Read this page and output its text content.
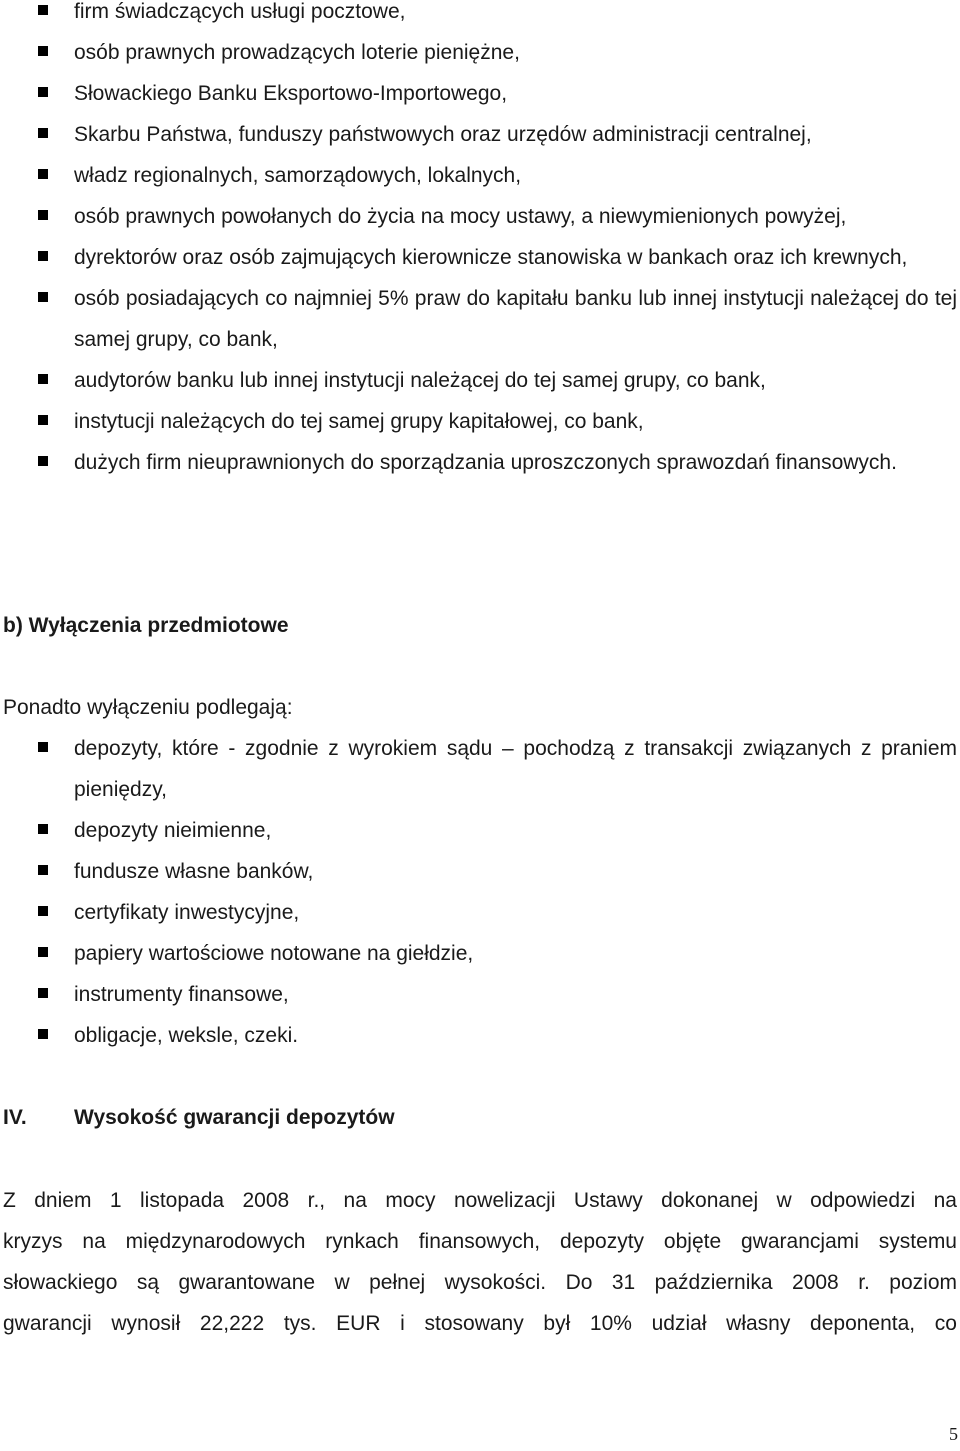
firm świadczących usługi pocztowe,
osób prawnych prowadzących loterie pieniężne,
Słowackiego Banku Eksportowo-Importowego,
Skarbu Państwa, funduszy państwowych oraz urzędów administracji centralnej,
władz regionalnych, samorządowych, lokalnych,
osób prawnych powołanych do życia na mocy ustawy, a niewymienionych powyżej,
dyrektorów oraz osób zajmujących kierownicze stanowiska w bankach oraz ich krewnych,
osób posiadających co najmniej 5% praw do kapitału banku lub innej instytucji należącej do tej samej grupy, co bank,
audytorów banku lub innej instytucji należącej do tej samej grupy, co bank,
instytucji należących do tej samej grupy kapitałowej, co bank,
dużych firm nieuprawnionych do sporządzania uproszczonych sprawozdań finansowych.
b) Wyłączenia przedmiotowe
Ponadto wyłączeniu podlegają:
depozyty, które - zgodnie z wyrokiem sądu – pochodzą z transakcji związanych z praniem pieniędzy,
depozyty nieimienne,
fundusze własne banków,
certyfikaty inwestycyjne,
papiery wartościowe notowane na giełdzie,
instrumenty finansowe,
obligacje, weksle, czeki.
IV. Wysokość gwarancji depozytów
Z dniem 1 listopada 2008 r., na mocy nowelizacji Ustawy dokonanej w odpowiedzi na
kryzys na międzynarodowych rynkach finansowych, depozyty objęte gwarancjami systemu
słowackiego są gwarantowane w pełnej wysokości. Do 31 października 2008 r. poziom
gwarancji wynosił 22,222 tys. EUR i stosowany był 10% udział własny deponenta, co
5
